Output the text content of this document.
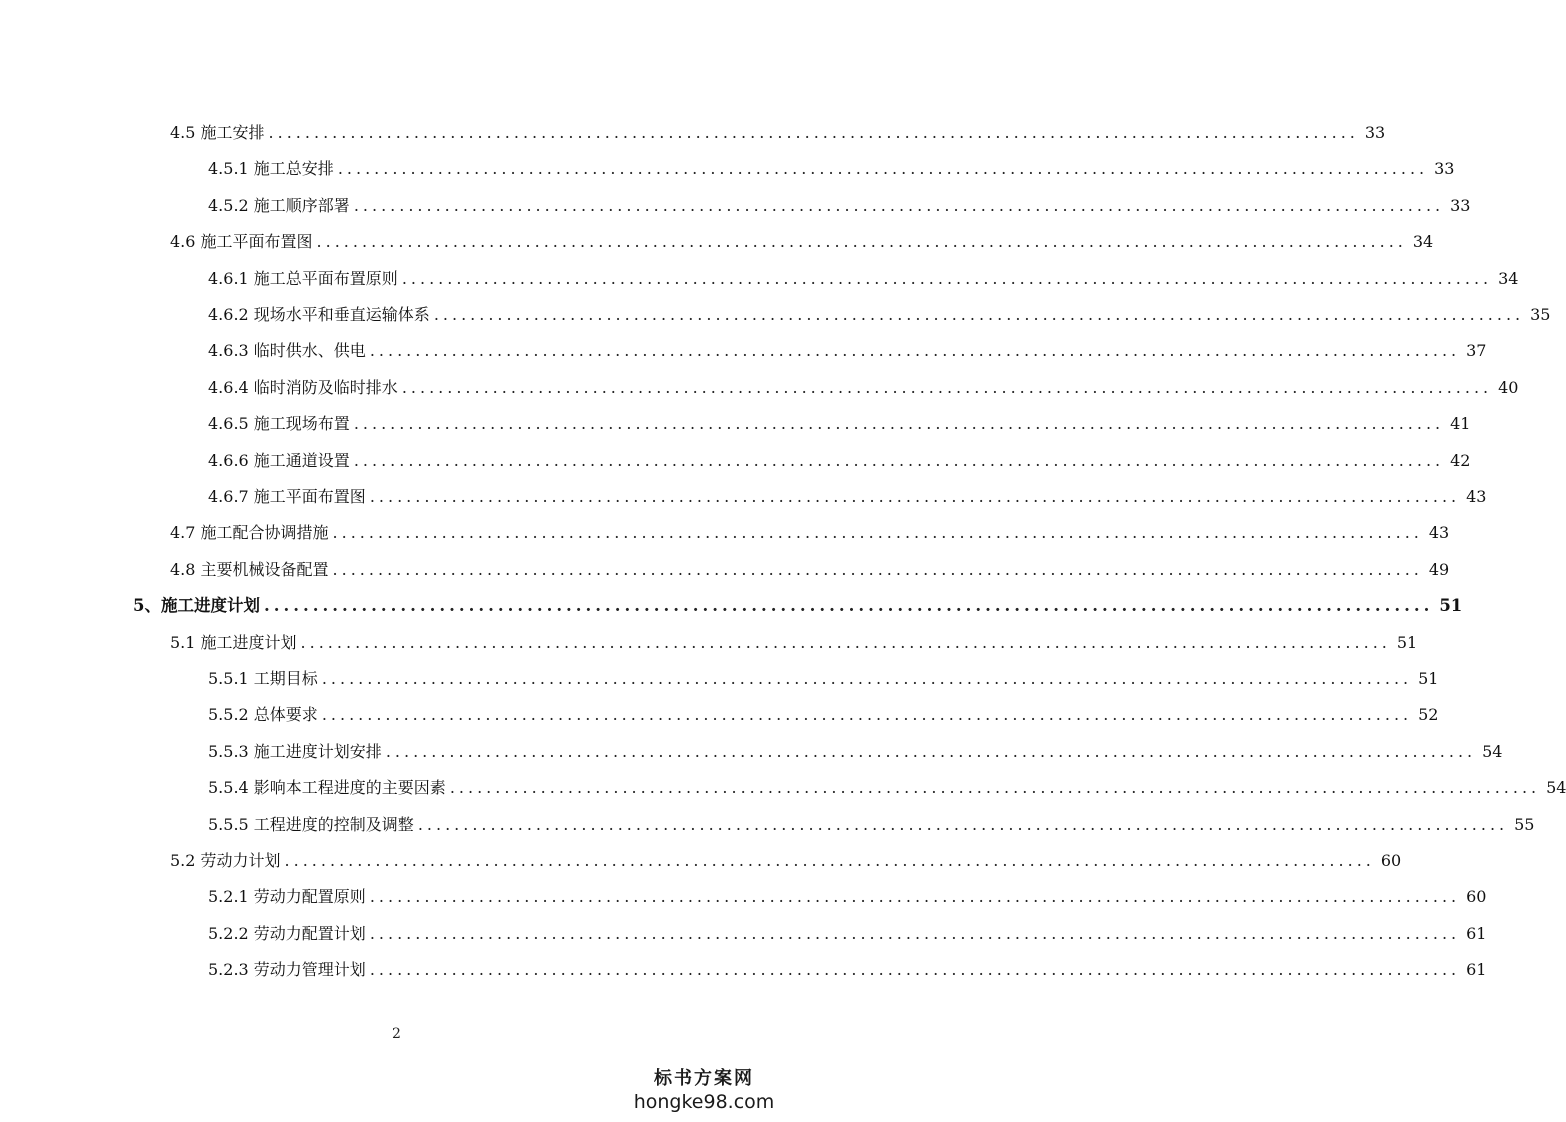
4.5 施工安排 ........................................................................................................................ 33
4.5.1 施工总安排 ........................................................................................................................ 33
4.5.2 施工顺序部署 ........................................................................................................................ 33
4.6 施工平面布置图 ........................................................................................................................ 34
4.6.1 施工总平面布置原则 ........................................................................................................................ 34
4.6.2 现场水平和垂直运输体系 ........................................................................................................................ 35
4.6.3 临时供水、供电 ........................................................................................................................ 37
4.6.4 临时消防及临时排水 ........................................................................................................................ 40
4.6.5 施工现场布置 ........................................................................................................................ 41
4.6.6 施工通道设置 ........................................................................................................................ 42
4.6.7 施工平面布置图 ........................................................................................................................ 43
4.7 施工配合协调措施 ........................................................................................................................ 43
4.8 主要机械设备配置 ........................................................................................................................ 49
5、施工进度计划 ........................................................................................................................ 51
5.1 施工进度计划 ........................................................................................................................ 51
5.5.1 工期目标 ........................................................................................................................ 51
5.5.2 总体要求 ........................................................................................................................ 52
5.5.3 施工进度计划安排 ........................................................................................................................ 54
5.5.4 影响本工程进度的主要因素 ........................................................................................................................ 54
5.5.5 工程进度的控制及调整 ........................................................................................................................ 55
5.2 劳动力计划 ........................................................................................................................ 60
5.2.1 劳动力配置原则 ........................................................................................................................ 60
5.2.2 劳动力配置计划 ........................................................................................................................ 61
5.2.3 劳动力管理计划 ........................................................................................................................ 61
2
标书方案网
hongke98.com
